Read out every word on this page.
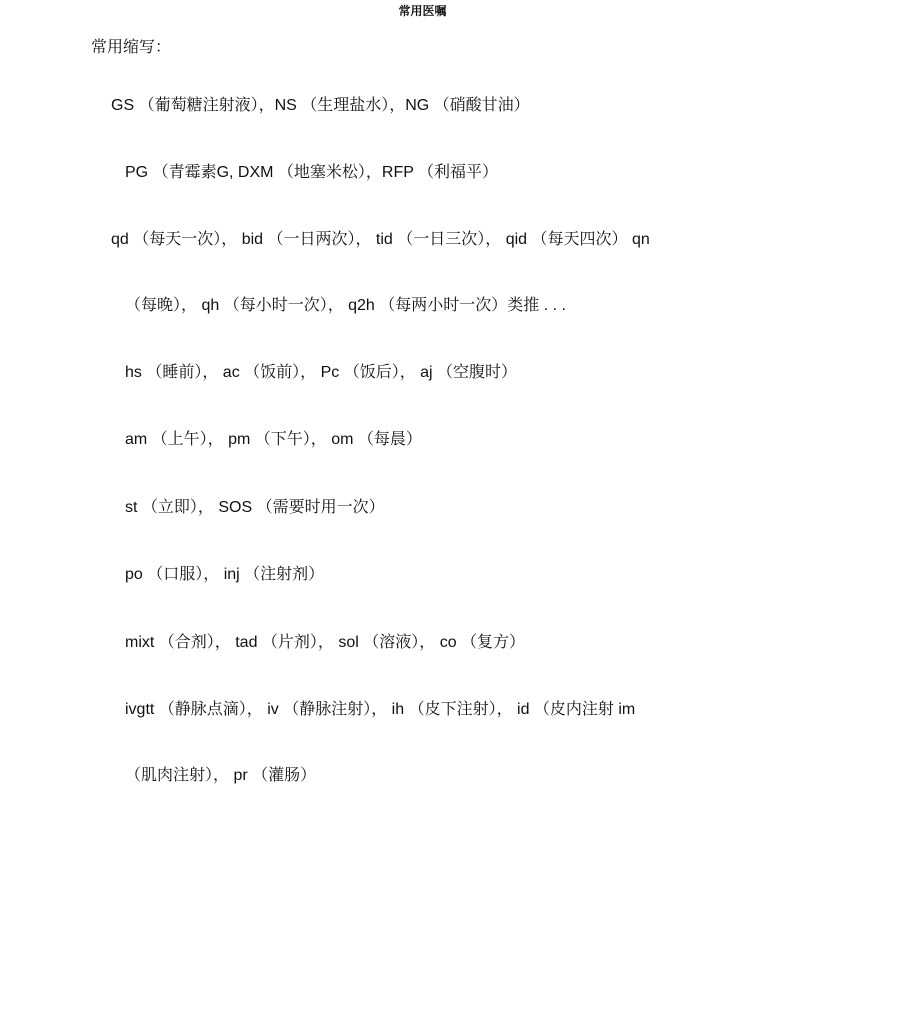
常用医嘱
常用缩写：
GS （葡萄糖注射液），NS （生理盐水），NG （硝酸甘油）
PG （青霉素G, DXM （地塞米松），RFP （利福平）
qd （每天一次）， bid （一日两次）， tid （一日三次）， qid （每天四次） qn
（每晚）， qh （每小时一次）， q2h （每两小时一次）类推 . . .
hs （睡前）， ac （饭前）， Pc （饭后）， aj （空腹时）
am （上午）， pm （下午）， om （每晨）
st （立即）， SOS （需要时用一次）
po （口服）， inj （注射剂）
mixt （合剂）， tad （片剂）， sol （溶液）， co （复方）
ivgtt （静脉点滴）， iv （静脉注射）， ih （皮下注射）， id （皮内注射 im
（肌肉注射）， pr （灌肠）
